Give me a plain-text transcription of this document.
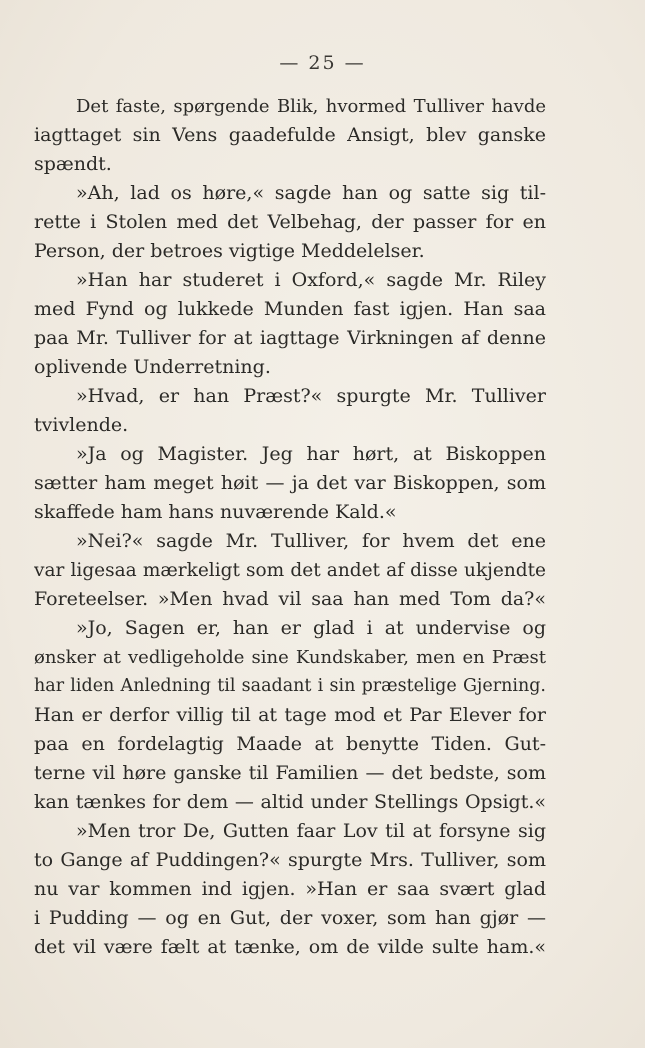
— 25 —
Det faste, spørgende Blik, hvormed Tulliver havde
iagttaget sin Vens gaadefulde Ansigt, blev ganske
spændt.
»Ah, lad os høre,« sagde han og satte sig til-
rette i Stolen med det Velbehag, der passer for en
Person, der betroes vigtige Meddelelser.
»Han har studeret i Oxford,« sagde Mr. Riley
med Fynd og lukkede Munden fast igjen. Han saa
paa Mr. Tulliver for at iagttage Virkningen af denne
oplivende Underretning.
»Hvad, er han Præst?« spurgte Mr. Tulliver
tvivlende.
»Ja og Magister. Jeg har hørt, at Biskoppen
sætter ham meget høit — ja det var Biskoppen, som
skaffede ham hans nuværende Kald.«
»Nei?« sagde Mr. Tulliver, for hvem det ene
var ligesaa mærkeligt som det andet af disse ukjendte
Foreteelser. »Men hvad vil saa han med Tom da?«
»Jo, Sagen er, han er glad i at undervise og
ønsker at vedligeholde sine Kundskaber, men en Præst
har liden Anledning til saadant i sin præstelige Gjerning.
Han er derfor villig til at tage mod et Par Elever for
paa en fordelagtig Maade at benytte Tiden. Gut-
terne vil høre ganske til Familien — det bedste, som
kan tænkes for dem — altid under Stellings Opsigt.«
»Men tror De, Gutten faar Lov til at forsyne sig
to Gange af Puddingen?« spurgte Mrs. Tulliver, som
nu var kommen ind igjen. »Han er saa svært glad
i Pudding — og en Gut, der voxer, som han gjør —
det vil være fælt at tænke, om de vilde sulte ham.«
